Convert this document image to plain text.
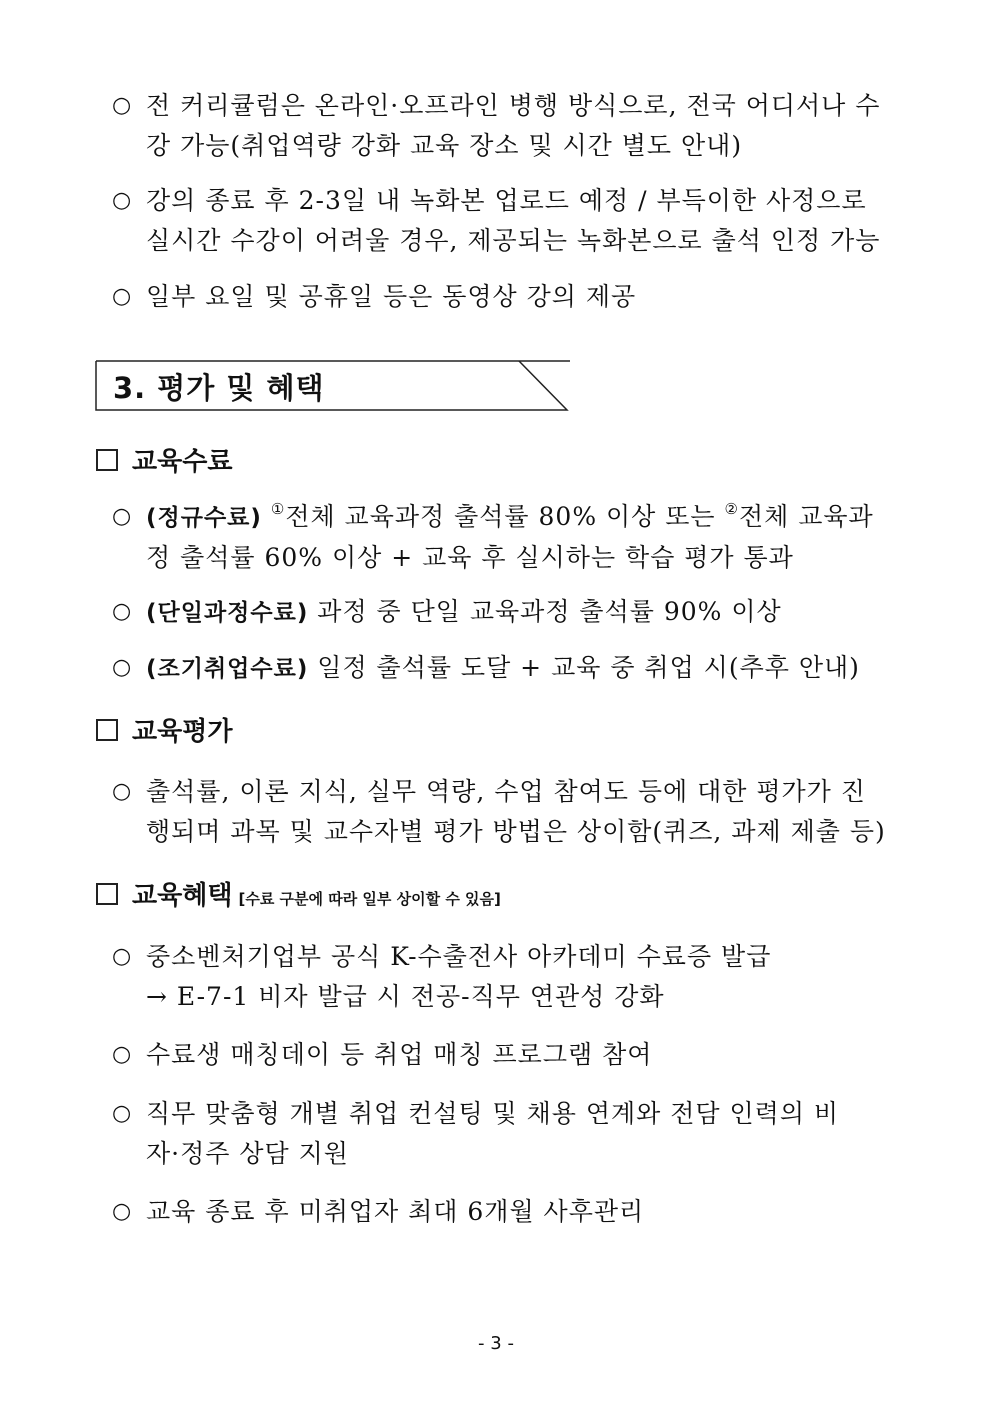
○ 전 커리큘럼은 온라인·오프라인 병행 방식으로, 전국 어디서나 수
강 가능(취업역량 강화 교육 장소 및 시간 별도 안내)
○ 강의 종료 후 2-3일 내 녹화본 업로드 예정 / 부득이한 사정으로
실시간 수강이 어려울 경우, 제공되는 녹화본으로 출석 인정 가능
○ 일부 요일 및 공휴일 등은 동영상 강의 제공
3. 평가 및 혜택
교육수료
○ (정규수료) ①전체 교육과정 출석률 80% 이상 또는 ②전체 교육과
정 출석률 60% 이상 + 교육 후 실시하는 학습 평가 통과
○ (단일과정수료) 과정 중 단일 교육과정 출석률 90% 이상
○ (조기취업수료) 일정 출석률 도달 + 교육 중 취업 시(추후 안내)
교육평가
○ 출석률, 이론 지식, 실무 역량, 수업 참여도 등에 대한 평가가 진
행되며 과목 및 교수자별 평가 방법은 상이함(퀴즈, 과제 제출 등)
교육혜택 [수료 구분에 따라 일부 상이할 수 있음]
○ 중소벤처기업부 공식 K-수출전사 아카데미 수료증 발급
→ E-7-1 비자 발급 시 전공-직무 연관성 강화
○ 수료생 매칭데이 등 취업 매칭 프로그램 참여
○ 직무 맞춤형 개별 취업 컨설팅 및 채용 연계와 전담 인력의 비
자·정주 상담 지원
○ 교육 종료 후 미취업자 최대 6개월 사후관리
- 3 -
